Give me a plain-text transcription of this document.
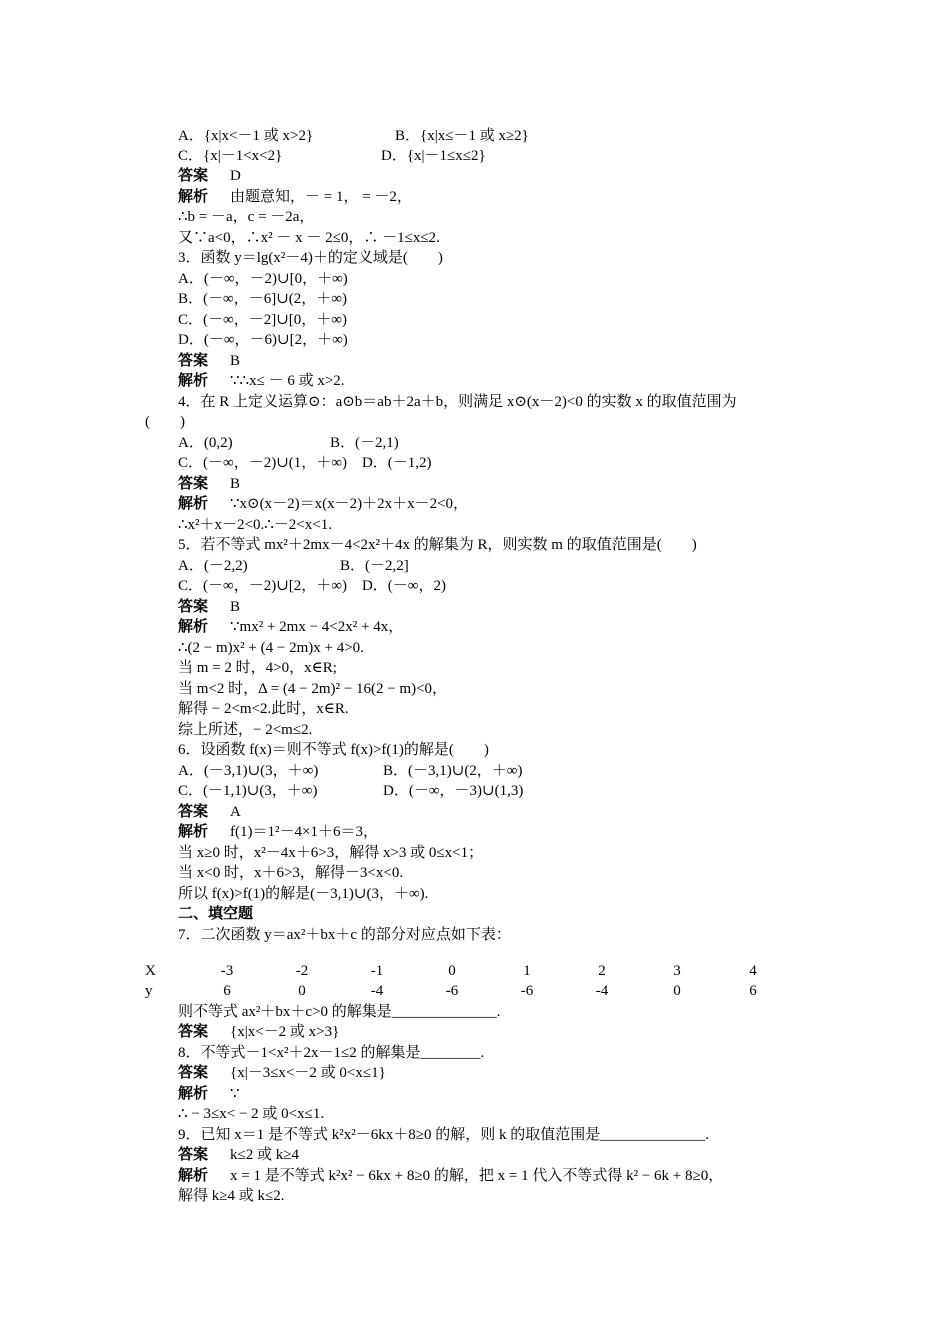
A．{x|x<－1 或 x>2}	B．{x|x≤－1 或 x≥2}
C．{x|－1<x<2}	D．{x|－1≤x≤2}
答案 D
解析 由题意知，－ = 1， = －2，
∴b = －a，c = －2a，
又∵a<0，∴x² － x － 2≤0，∴ －1≤x≤2.
3．函数 y＝lg(x²－4)＋的定义域是(　　)
A．(－∞，－2)∪[0，＋∞)
B．(－∞，－6]∪(2，＋∞)
C．(－∞，－2]∪[0，＋∞)
D．(－∞，－6)∪[2，＋∞)
答案 B
解析 ∵∴x≤ － 6 或 x>2.
4．在 R 上定义运算⊙：a⊙b＝ab＋2a＋b，则满足 x⊙(x－2)<0 的实数 x 的取值范围为
(　　)
A．(0,2)	B．(－2,1)
C．(－∞，－2)∪(1，＋∞)　D．(－1,2)
答案 B
解析 ∵x⊙(x－2)＝x(x－2)＋2x＋x－2<0，
∴x²＋x－2<0.∴－2<x<1.
5．若不等式 mx²＋2mx－4<2x²＋4x 的解集为 R，则实数 m 的取值范围是(　　)
A．(－2,2)	B．(－2,2]
C．(－∞，－2)∪[2，＋∞)　D．(－∞，2)
答案 B
解析 ∵mx² + 2mx − 4<2x² + 4x，
∴(2 − m)x² + (4 − 2m)x + 4>0.
当 m = 2 时，4>0，x∈R;
当 m<2 时，Δ = (4 − 2m)² − 16(2 − m)<0，
解得 − 2<m<2.此时，x∈R.
综上所述，− 2<m≤2.
6．设函数 f(x)＝则不等式 f(x)>f(1)的解是(　　)
A．(－3,1)∪(3，＋∞)	B．(－3,1)∪(2，＋∞)
C．(－1,1)∪(3，＋∞)	D．(－∞，－3)∪(1,3)
答案 A
解析 f(1)＝1²－4×1＋6＝3，
当 x≥0 时，x²－4x＋6>3，解得 x>3 或 0≤x<1；
当 x<0 时，x＋6>3，解得－3<x<0.
所以 f(x)>f(1)的解是(－3,1)∪(3，＋∞).
二、填空题
7．二次函数 y＝ax²＋bx＋c 的部分对应点如下表：
X	-3	-2	-1	0	1	2	3	4
y	6	0	-4	-6	-6	-4	0	6
则不等式 ax²＋bx＋c>0 的解集是______________.
答案 {x|x<－2 或 x>3}
8．不等式－1<x²＋2x－1≤2 的解集是________.
答案 {x|－3≤x<－2 或 0<x≤1}
解析 ∵
∴ − 3≤x< − 2 或 0<x≤1.
9．已知 x＝1 是不等式 k²x²－6kx＋8≥0 的解，则 k 的取值范围是______________.
答案 k≤2 或 k≥4
解析 x = 1 是不等式 k²x² − 6kx + 8≥0 的解，把 x = 1 代入不等式得 k² − 6k + 8≥0，
解得 k≥4 或 k≤2.
